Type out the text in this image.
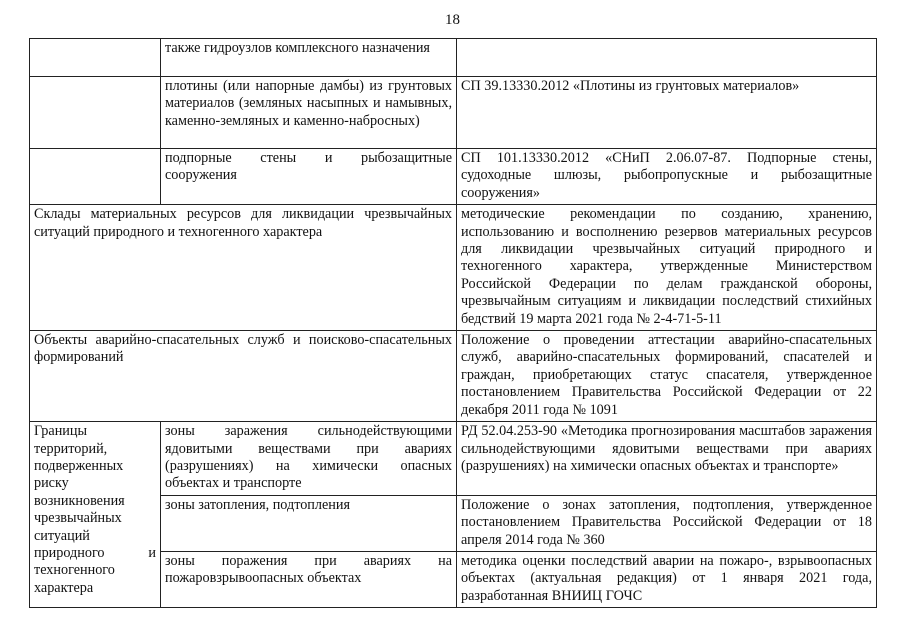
18
	также гидроузлов комплексного назначения	
	плотины (или напорные дамбы) из грунтовых материалов (земляных насыпных и намывных, каменно-земляных и каменно-набросных)	СП 39.13330.2012 «Плотины из грунтовых материалов»
	подпорные стены и рыбозащитные сооружения	СП 101.13330.2012 «СНиП 2.06.07-87. Подпорные стены, судоходные шлюзы, рыбопропускные и рыбозащитные сооружения»
Склады материальных ресурсов для ликвидации чрезвычайных ситуаций природного и техногенного характера		методические рекомендации по созданию, хранению, использованию и восполнению резервов материальных ресурсов для ликвидации чрезвычайных ситуаций природного и техногенного характера, утвержденные Министерством Российской Федерации по делам гражданской обороны, чрезвычайным ситуациям и ликвидации последствий стихийных бедствий 19 марта 2021 года № 2-4-71-5-11
Объекты аварийно-спасательных служб и поисково-спасательных формирований		Положение о проведении аттестации аварийно-спасательных служб, аварийно-спасательных формирований, спасателей и граждан, приобретающих статус спасателя, утвержденное постановлением Правительства Российской Федерации от 22 декабря 2011 года № 1091
Границы территорий, подверженных риску возникновения чрезвычайных ситуаций природного и техногенного характера	зоны заражения сильнодействующими ядовитыми веществами при авариях (разрушениях) на химически опасных объектах и транспорте	РД 52.04.253-90 «Методика прогнозирования масштабов заражения сильнодействующими ядовитыми веществами при авариях (разрушениях) на химически опасных объектах и транспорте»
	зоны затопления, подтопления	Положение о зонах затопления, подтопления, утвержденное постановлением Правительства Российской Федерации от 18 апреля 2014 года № 360
	зоны поражения при авариях на пожаровзрывоопасных объектах	методика оценки последствий аварии на пожаро-, взрывоопасных объектах (актуальная редакция) от 1 января 2021 года, разработанная ВНИИЦ ГОЧС
